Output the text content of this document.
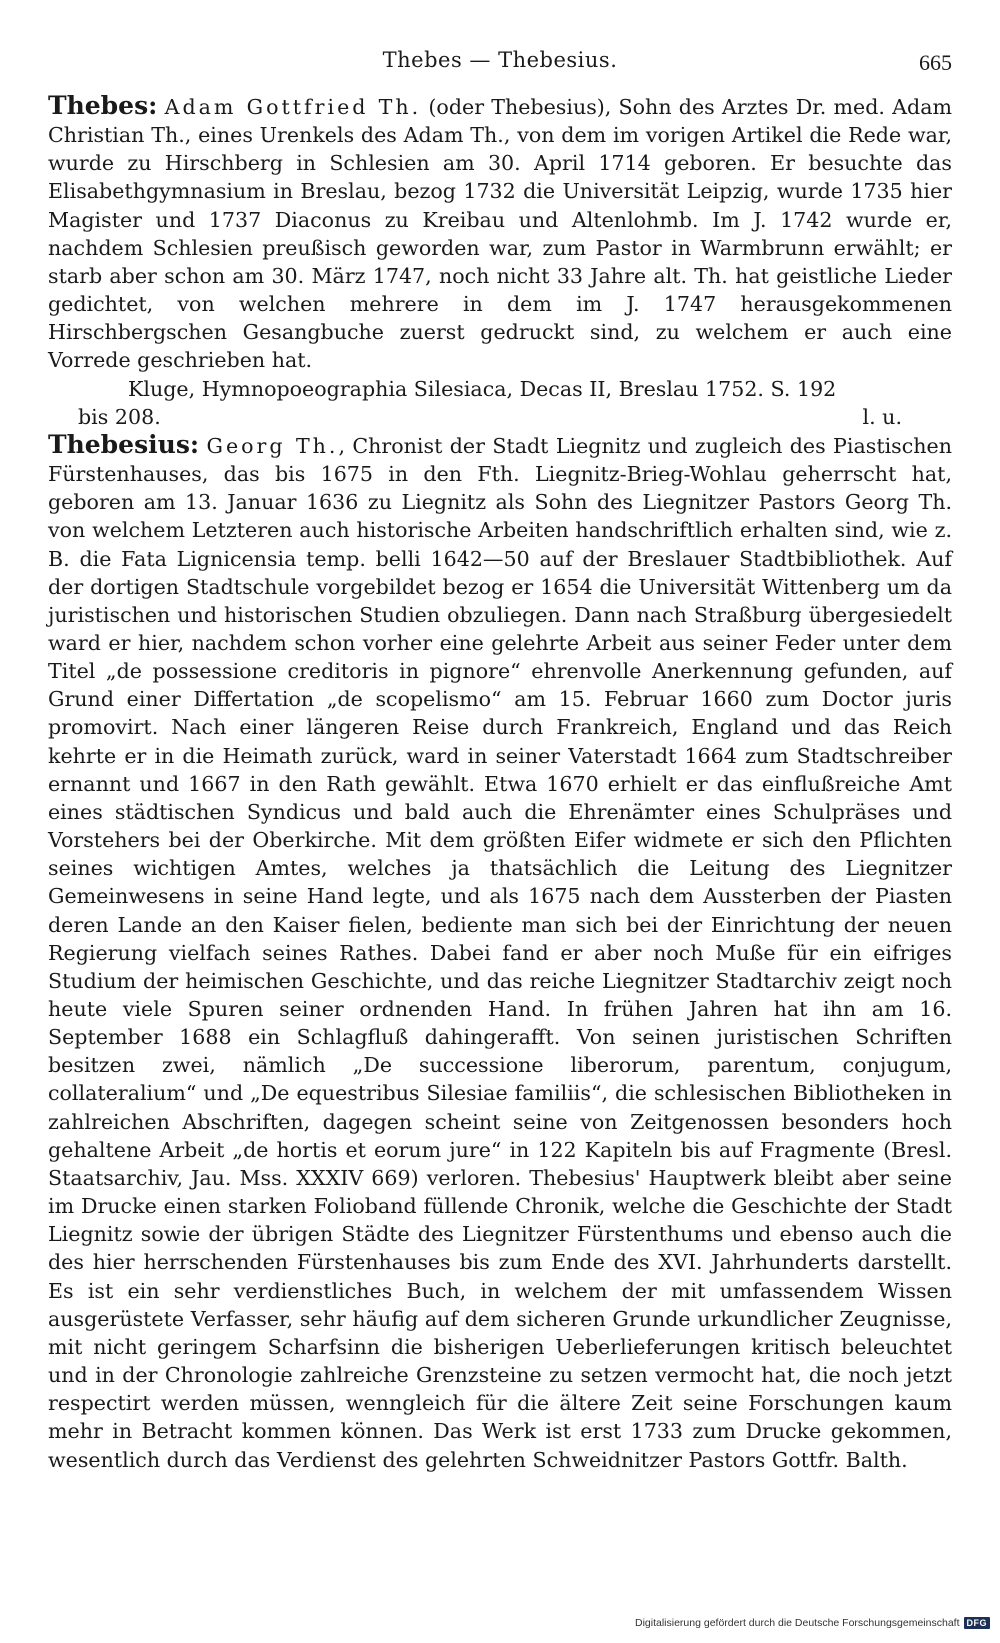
Thebes — Thebesius.	665

Thebes: Adam Gottfried Th. (oder Thebesius), Sohn des Arztes Dr. med. Adam Christian Th., eines Urenkels des Adam Th., von dem im vorigen Artikel die Rede war, wurde zu Hirschberg in Schlesien am 30. April 1714 geboren. Er besuchte das Elisabethgymnasium in Breslau, bezog 1732 die Universität Leipzig, wurde 1735 hier Magister und 1737 Diaconus zu Kreibau und Altenlohmb. Im J. 1742 wurde er, nachdem Schlesien preußisch geworden war, zum Pastor in Warmbrunn erwählt; er starb aber schon am 30. März 1747, noch nicht 33 Jahre alt. Th. hat geistliche Lieder gedichtet, von welchen mehrere in dem im J. 1747 herausgekommenen Hirschbergschen Gesangbuche zuerst gedruckt sind, zu welchem er auch eine Vorrede geschrieben hat.

Kluge, Hymnopoeographia Silesiaca, Decas II, Breslau 1752. S. 192

bis 208.	l. u.

Thebesius: Georg Th., Chronist der Stadt Liegnitz und zugleich des Piastischen Fürstenhauses, das bis 1675 in den Fth. Liegnitz-Brieg-Wohlau geherrscht hat, geboren am 13. Januar 1636 zu Liegnitz als Sohn des Liegnitzer Pastors Georg Th. von welchem Letzteren auch historische Arbeiten handschriftlich erhalten sind, wie z. B. die Fata Lignicensia temp. belli 1642—50 auf der Breslauer Stadtbibliothek. Auf der dortigen Stadtschule vorgebildet bezog er 1654 die Universität Wittenberg um da juristischen und historischen Studien obzuliegen. Dann nach Straßburg übergesiedelt ward er hier, nachdem schon vorher eine gelehrte Arbeit aus seiner Feder unter dem Titel „de possessione creditoris in pignore“ ehrenvolle Anerkennung gefunden, auf Grund einer Differtation „de scopelismo“ am 15. Februar 1660 zum Doctor juris promovirt. Nach einer längeren Reise durch Frankreich, England und das Reich kehrte er in die Heimath zurück, ward in seiner Vaterstadt 1664 zum Stadtschreiber ernannt und 1667 in den Rath gewählt. Etwa 1670 erhielt er das einflußreiche Amt eines städtischen Syndicus und bald auch die Ehrenämter eines Schulpräses und Vorstehers bei der Oberkirche. Mit dem größten Eifer widmete er sich den Pflichten seines wichtigen Amtes, welches ja thatsächlich die Leitung des Liegnitzer Gemeinwesens in seine Hand legte, und als 1675 nach dem Aussterben der Piasten deren Lande an den Kaiser fielen, bediente man sich bei der Einrichtung der neuen Regierung vielfach seines Rathes. Dabei fand er aber noch Muße für ein eifriges Studium der heimischen Geschichte, und das reiche Liegnitzer Stadtarchiv zeigt noch heute viele Spuren seiner ordnenden Hand. In frühen Jahren hat ihn am 16. September 1688 ein Schlagfluß dahingerafft. Von seinen juristischen Schriften besitzen zwei, nämlich „De successione liberorum, parentum, conjugum, collateralium“ und „De equestribus Silesiae familiis“, die schlesischen Bibliotheken in zahlreichen Abschriften, dagegen scheint seine von Zeitgenossen besonders hoch gehaltene Arbeit „de hortis et eorum jure“ in 122 Kapiteln bis auf Fragmente (Bresl. Staatsarchiv, Jau. Mss. XXXIV 669) verloren. Thebesius' Hauptwerk bleibt aber seine im Drucke einen starken Folioband füllende Chronik, welche die Geschichte der Stadt Liegnitz sowie der übrigen Städte des Liegnitzer Fürstenthums und ebenso auch die des hier herrschenden Fürstenhauses bis zum Ende des XVI. Jahrhunderts darstellt. Es ist ein sehr verdienstliches Buch, in welchem der mit umfassendem Wissen ausgerüstete Verfasser, sehr häufig auf dem sicheren Grunde urkundlicher Zeugnisse, mit nicht geringem Scharfsinn die bisherigen Ueberlieferungen kritisch beleuchtet und in der Chronologie zahlreiche Grenzsteine zu setzen vermocht hat, die noch jetzt respectirt werden müssen, wenngleich für die ältere Zeit seine Forschungen kaum mehr in Betracht kommen können. Das Werk ist erst 1733 zum Drucke gekommen, wesentlich durch das Verdienst des gelehrten Schweidnitzer Pastors Gottfr. Balth.

Digitalisierung gefördert durch die Deutsche Forschungsgemeinschaft DFG
